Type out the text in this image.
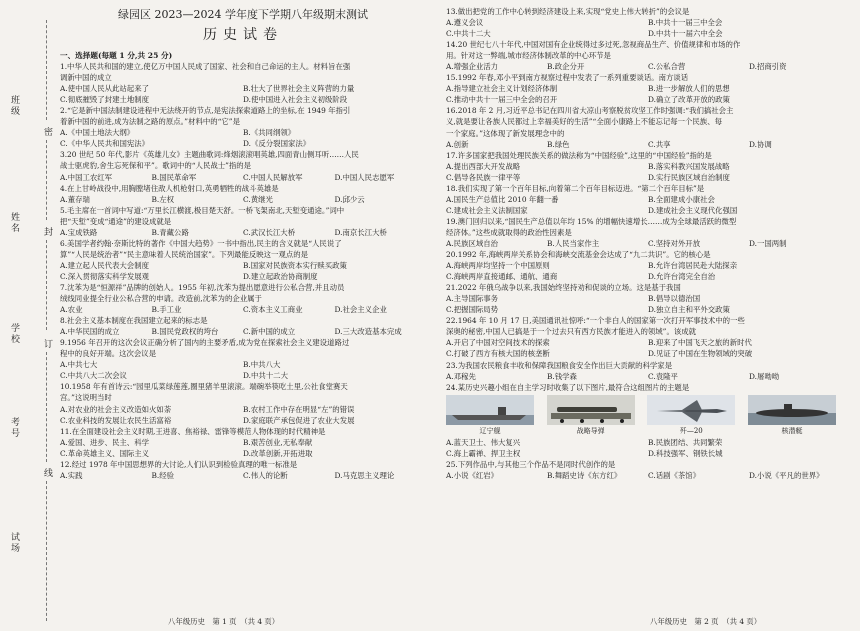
班级
姓名
学校
考号
试场
密
封
订
线
绿园区 2023—2024 学年度下学期八年级期末测试
历史试卷
一、选择题(每题 1 分,共 25 分)
1.中华人民共和国的建立,使亿万中国人民成了国家、社会和自己命运的主人。材料旨在强
调新中国的成立
A.使中国人民从此站起来了	B.壮大了世界社会主义阵营的力量
C.彻底摧毁了封建土地制度	D.使中国进入社会主义初级阶段
2.“它是新中国法制建设进程中无法绕开的节点,是宪法探索道路上的坐标,在 1949 年指引
着新中国的前进,成为法制之路的原点。”材料中的“它”是
A.《中国土地法大纲》	B.《共同纲领》
C.《中华人民共和国宪法》	D.《反分裂国家法》
3.20 世纪 50 年代,影片《英雄儿女》主题曲歌词:烽烟滚滚唱英雄,四面青山侧耳听……人民
战士驱虎豹,舍生忘死保和平”。歌词中的“人民战士”指的是
A.中国工农红军	B.国民革命军	C.中国人民解放军	D.中国人民志愿军
4.在上甘岭战役中,用胸膛堵住敌人机枪射口,英勇牺牲的战斗英雄是
A.董存瑞	B.左权	C.黄继光	D.邱少云
5.毛主席在一首词中写道:“万里长江横渡,极目楚天舒。一桥飞架南北,天堑变通途。”词中
把“天堑”变成“通途”的建设成就是
A.宝成铁路	B.青藏公路	C.武汉长江大桥	D.南京长江大桥
6.美国学者约翰·奈斯比特的著作《中国大趋势》一书中指出,民主的含义就是“人民说了
算”“人民是统治者”“民主意味着人民统治国家”。下列最能反映这一观点的是
A.建立起人民代表大会制度	B.国家对民族资本实行赎买政策
C.深入贯彻落实科学发展观	D.建立起政治协商制度
7.沈苯为是“恒源祥”品牌的创始人。1955 年初,沈苯为提出愿意进行公私合营,并且动员
绒线同业提全行业公私合营的申请。改造前,沈苯为的企业属于
A.农业	B.手工业	C.资本主义工商业	D.社会主义企业
8.社会主义基本制度在我国建立起来的标志是
A.中华民国的成立	B.国民党政权的垮台	C.新中国的成立	D.三大改造基本完成
9.1956 年召开的这次会议正确分析了国内的主要矛盾,成为党在探索社会主义建设道路过
程中的良好开端。这次会议是
A.中共七大	B.中共八大
C.中共八大二次会议	D.中共十二大
10.1958 年有首诗云:“园里瓜菜绿莲莲,圈里猪羊里滚滚。端碗举筷吃土里,公社食堂赛天
宫。”这说明当时
A.对农业的社会主义改造如火如荼	B.农村工作中存在明显“左”的错误
C.农业科技的发展让农民生活富裕	D.家庭联产承包促进了农业大发展
11.在全面建设社会主义时期,王进喜、焦裕禄、雷锋等模范人物体现的时代精神是
A.爱国、进步、民主、科学	B.艰苦创业,无私奉献
C.革命英雄主义、国际主义	D.改革创新,开拓进取
12.经过 1978 年中国思想界的大讨论,人们认识到检验真理的唯一标准是
A.实践	B.经验	C.伟人的论断	D.马克思主义理论
13.做出把党的工作中心转到经济建设上来,实现“党史上伟大转折”的会议是
A.遵义会议	B.中共十一届三中全会
C.中共十二大	D.中共十一届六中全会
14.20 世纪七八十年代,中国对国有企业统得过多过死,忽视商品生产、价值规律和市场的作
用。针对这一弊端,城市经济体制改革的中心环节是
A.增强企业活力	B.政企分开	C.公私合营	D.招商引资
15.1992 年春,邓小平到南方视察过程中发表了一系列重要谈话。南方谈话
A.指导建立社会主义计划经济体制	B.进一步解放人们的思想
C.推动中共十一届三中全会的召开	D.确立了改革开放的政策
16.2018 年 2 月,习近平总书记在四川省大凉山考察脱贫攻坚工作时强调:“我们搞社会主
义,就是要让各族人民都过上幸福美好的生活”“全面小康路上不能忘记每一个民族、每
一个家庭。”这体现了新发展理念中的
A.创新	B.绿色	C.共享	D.协调
17.许多国家把我国处理民族关系的做法称为“中国经验”,这里的“中国经验”指的是
A.提出西部大开发战略	B.落实科教兴国发展战略
C.倡导各民族一律平等	D.实行民族区域自治制度
18.我们实现了第一个百年目标,向着第二个百年目标迈进。“第二个百年目标”是
A.国民生产总值比 2010 年翻一番	B.全面建成小康社会
C.建成社会主义法制国家	D.建成社会主义现代化强国
19.澳门回归以来,“国民生产总值以年均 15% 的增幅快速增长……成为全球最活跃的微型
经济体。”这些成就取得的政治性因素是
A.民族区域自治	B.人民当家作主	C.坚持对外开放	D.一国两制
20.1992 年,海峡两岸关系协会和海峡交流基金会达成了“九二共识”。它的核心是
A.海峡两岸均坚持一个中国原则	B.允许台湾居民赴大陆探亲
C.海峡两岸直接通邮、通航、通商	D.允许台湾完全自治
21.2022 年俄乌战争以来,我国始终坚持劝和促谈的立场。这是基于我国
A.主导国际事务	B.倡导以德治国
C.把握国际局势	D.独立自主和平外交政策
22.1964 年 10 月 17 日,美国通讯社惊呼:“一个非白人的国家第一次打开军事技术中的一些
深奥的秘密,中国人已搞是于一个过去只有西方民族才能进入的领域”。该成就
A.开启了中国对空间技术的探索	B.迎来了中国飞天之旅的新时代
C.打破了西方有核大国的核垄断	D.见证了中国在生物领域的突破
23.为我国农民粮食丰收和保障我国粮食安全作出巨大贡献的科学家是
A.邓稼先	B.钱学森	C.袁隆平	D.屠呦呦
24.某历史兴趣小组在自主学习时收集了以下图片,最符合这组图片的主题是
辽宁舰	战略导弹	歼—20	核潜艇
A.蓝天卫士、伟大复兴	B.民族团结、共同繁荣
C.海上霸禅、捍卫主权	D.科技强军、钢铁长城
25.下列作品中,与其他三个作品不是同时代创作的是
A.小说《红岩》	B.舞蹈史诗《东方红》	C.话剧《茶馆》	D.小说《平凡的世界》
八年级历史　第 1 页　（共 4 页）	八年级历史　第 2 页　（共 4 页）
